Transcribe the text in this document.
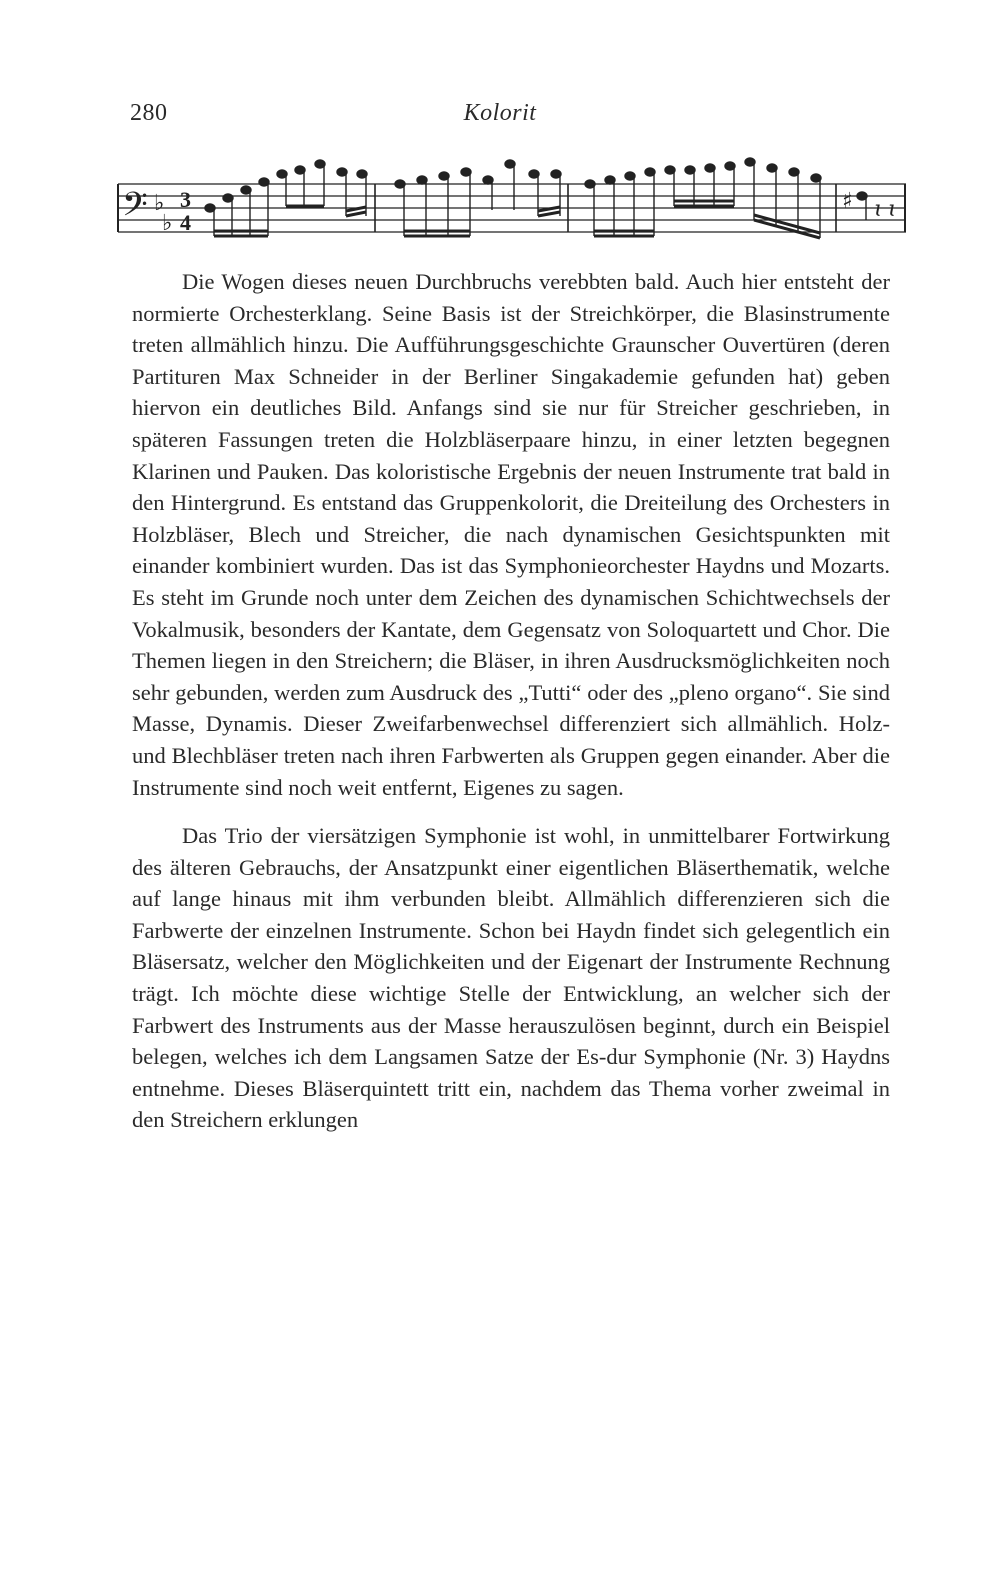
280	Kolorit
𝄢 ♭
♭
3
4
♯ ɩ ɩ

Die Wogen dieses neuen Durchbruchs verebbten bald. Auch hier entsteht der normierte Orchesterklang. Seine Basis ist der Streichkörper, die Blasinstrumente treten allmählich hinzu. Die Aufführungsgeschichte Graunscher Ouvertüren (deren Partituren Max Schneider in der Berliner Singakademie gefunden hat) geben hiervon ein deutliches Bild. Anfangs sind sie nur für Streicher geschrieben, in späteren Fassungen treten die Holzbläserpaare hinzu, in einer letzten begegnen Klarinen und Pauken. Das koloristische Ergebnis der neuen Instrumente trat bald in den Hintergrund. Es entstand das Gruppenkolorit, die Dreiteilung des Orchesters in Holzbläser, Blech und Streicher, die nach dynamischen Gesichtspunkten mit einander kombiniert wurden. Das ist das Symphonieorchester Haydns und Mozarts. Es steht im Grunde noch unter dem Zeichen des dynamischen Schichtwechsels der Vokalmusik, besonders der Kantate, dem Gegensatz von Soloquartett und Chor. Die Themen liegen in den Streichern; die Bläser, in ihren Ausdrucksmöglichkeiten noch sehr gebunden, werden zum Ausdruck des „Tutti“ oder des „pleno organo“. Sie sind Masse, Dynamis. Dieser Zweifarbenwechsel differenziert sich allmählich. Holz- und Blechbläser treten nach ihren Farbwerten als Gruppen gegen einander. Aber die Instrumente sind noch weit entfernt, Eigenes zu sagen.

Das Trio der viersätzigen Symphonie ist wohl, in unmittelbarer Fortwirkung des älteren Gebrauchs, der Ansatzpunkt einer eigentlichen Bläserthematik, welche auf lange hinaus mit ihm verbunden bleibt. Allmählich differenzieren sich die Farbwerte der einzelnen Instrumente. Schon bei Haydn findet sich gelegentlich ein Bläsersatz, welcher den Möglichkeiten und der Eigenart der Instrumente Rechnung trägt. Ich möchte diese wichtige Stelle der Entwicklung, an welcher sich der Farbwert des Instruments aus der Masse herauszulösen beginnt, durch ein Beispiel belegen, welches ich dem Langsamen Satze der Es-dur Symphonie (Nr. 3) Haydns entnehme. Dieses Bläserquintett tritt ein, nachdem das Thema vorher zweimal in den Streichern erklungen
